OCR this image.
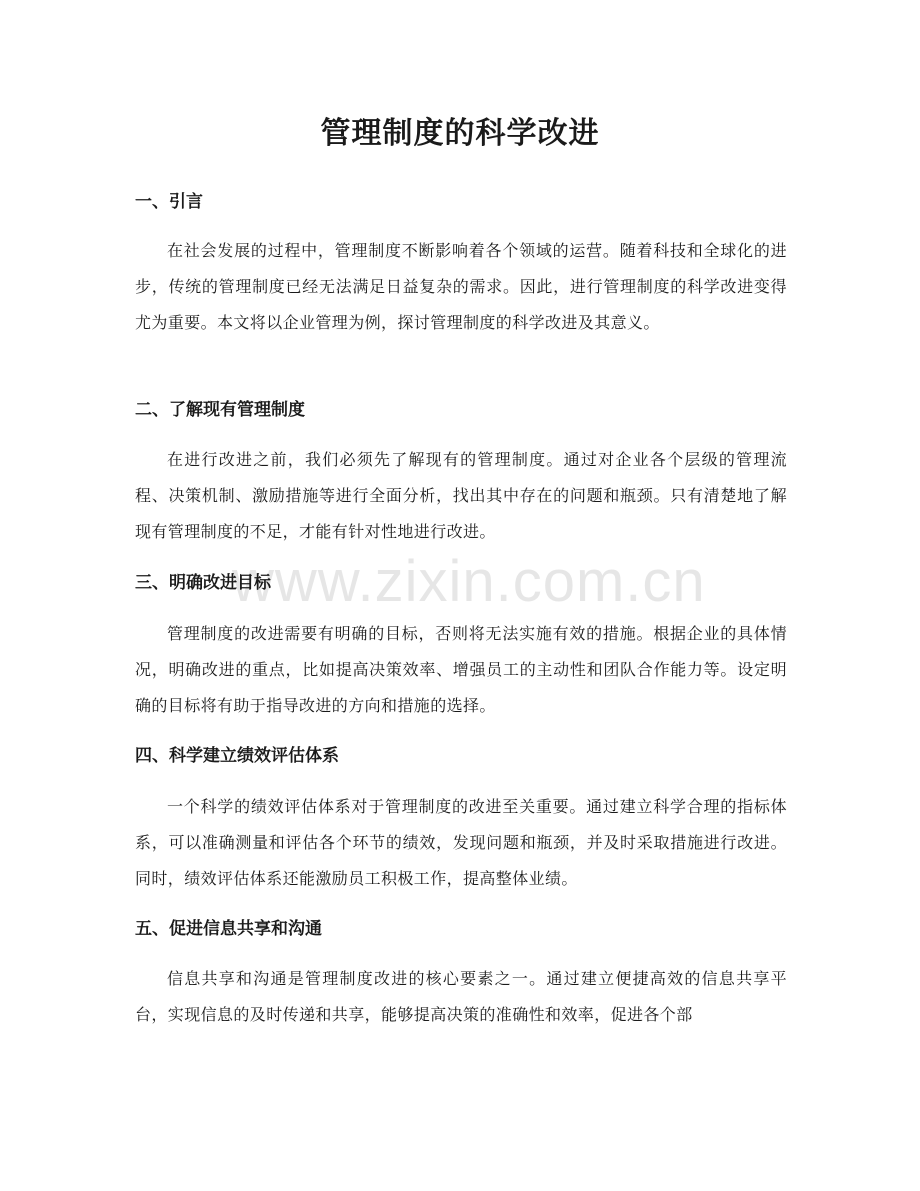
www.zixin.com.cn
管理制度的科学改进
一、引言

在社会发展的过程中，管理制度不断影响着各个领域的运营。随着科技和全球化的进步，传统的管理制度已经无法满足日益复杂的需求。因此，进行管理制度的科学改进变得尤为重要。本文将以企业管理为例，探讨管理制度的科学改进及其意义。

二、了解现有管理制度

在进行改进之前，我们必须先了解现有的管理制度。通过对企业各个层级的管理流程、决策机制、激励措施等进行全面分析，找出其中存在的问题和瓶颈。只有清楚地了解现有管理制度的不足，才能有针对性地进行改进。

三、明确改进目标

管理制度的改进需要有明确的目标，否则将无法实施有效的措施。根据企业的具体情况，明确改进的重点，比如提高决策效率、增强员工的主动性和团队合作能力等。设定明确的目标将有助于指导改进的方向和措施的选择。

四、科学建立绩效评估体系

一个科学的绩效评估体系对于管理制度的改进至关重要。通过建立科学合理的指标体系，可以准确测量和评估各个环节的绩效，发现问题和瓶颈，并及时采取措施进行改进。同时，绩效评估体系还能激励员工积极工作，提高整体业绩。

五、促进信息共享和沟通

信息共享和沟通是管理制度改进的核心要素之一。通过建立便捷高效的信息共享平台，实现信息的及时传递和共享，能够提高决策的准确性和效率，促进各个部
